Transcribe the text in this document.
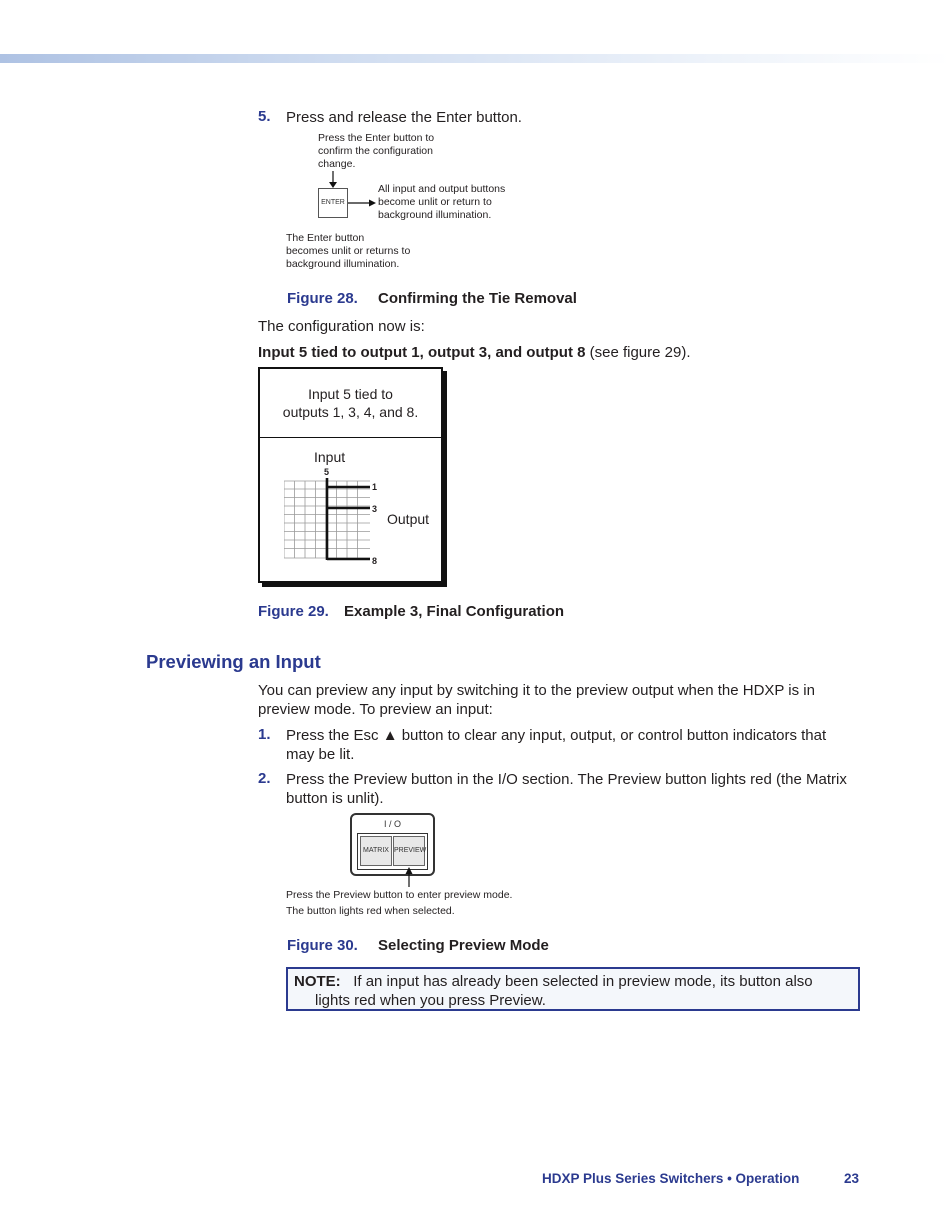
5. Press and release the Enter button.
Press the Enter button to
confirm the configuration
change.
ENTER
All input and output buttons
become unlit or return to
background illumination.
The Enter button
becomes unlit or returns to
background illumination.
Figure 28. Confirming the Tie Removal
The configuration now is:
Input 5 tied to output 1, output 3, and output 8 (see figure 29).
Input 5 tied to
outputs 1, 3, 4, and 8.
Input
Output
5
1
3
8
Figure 29. Example 3, Final Configuration
Previewing an Input
You can preview any input by switching it to the preview output when the HDXP is in
preview mode. To preview an input:
1. Press the Esc ▲ button to clear any input, output, or control button indicators that
may be lit.
2. Press the Preview button in the I/O section. The Preview button lights red (the Matrix
button is unlit).
I / O
MATRIX PREVIEW
Press the Preview button to enter preview mode.
The button lights red when selected.
Figure 30. Selecting Preview Mode
NOTE: If an input has already been selected in preview mode, its button also
lights red when you press Preview.
HDXP Plus Series Switchers • Operation	23
